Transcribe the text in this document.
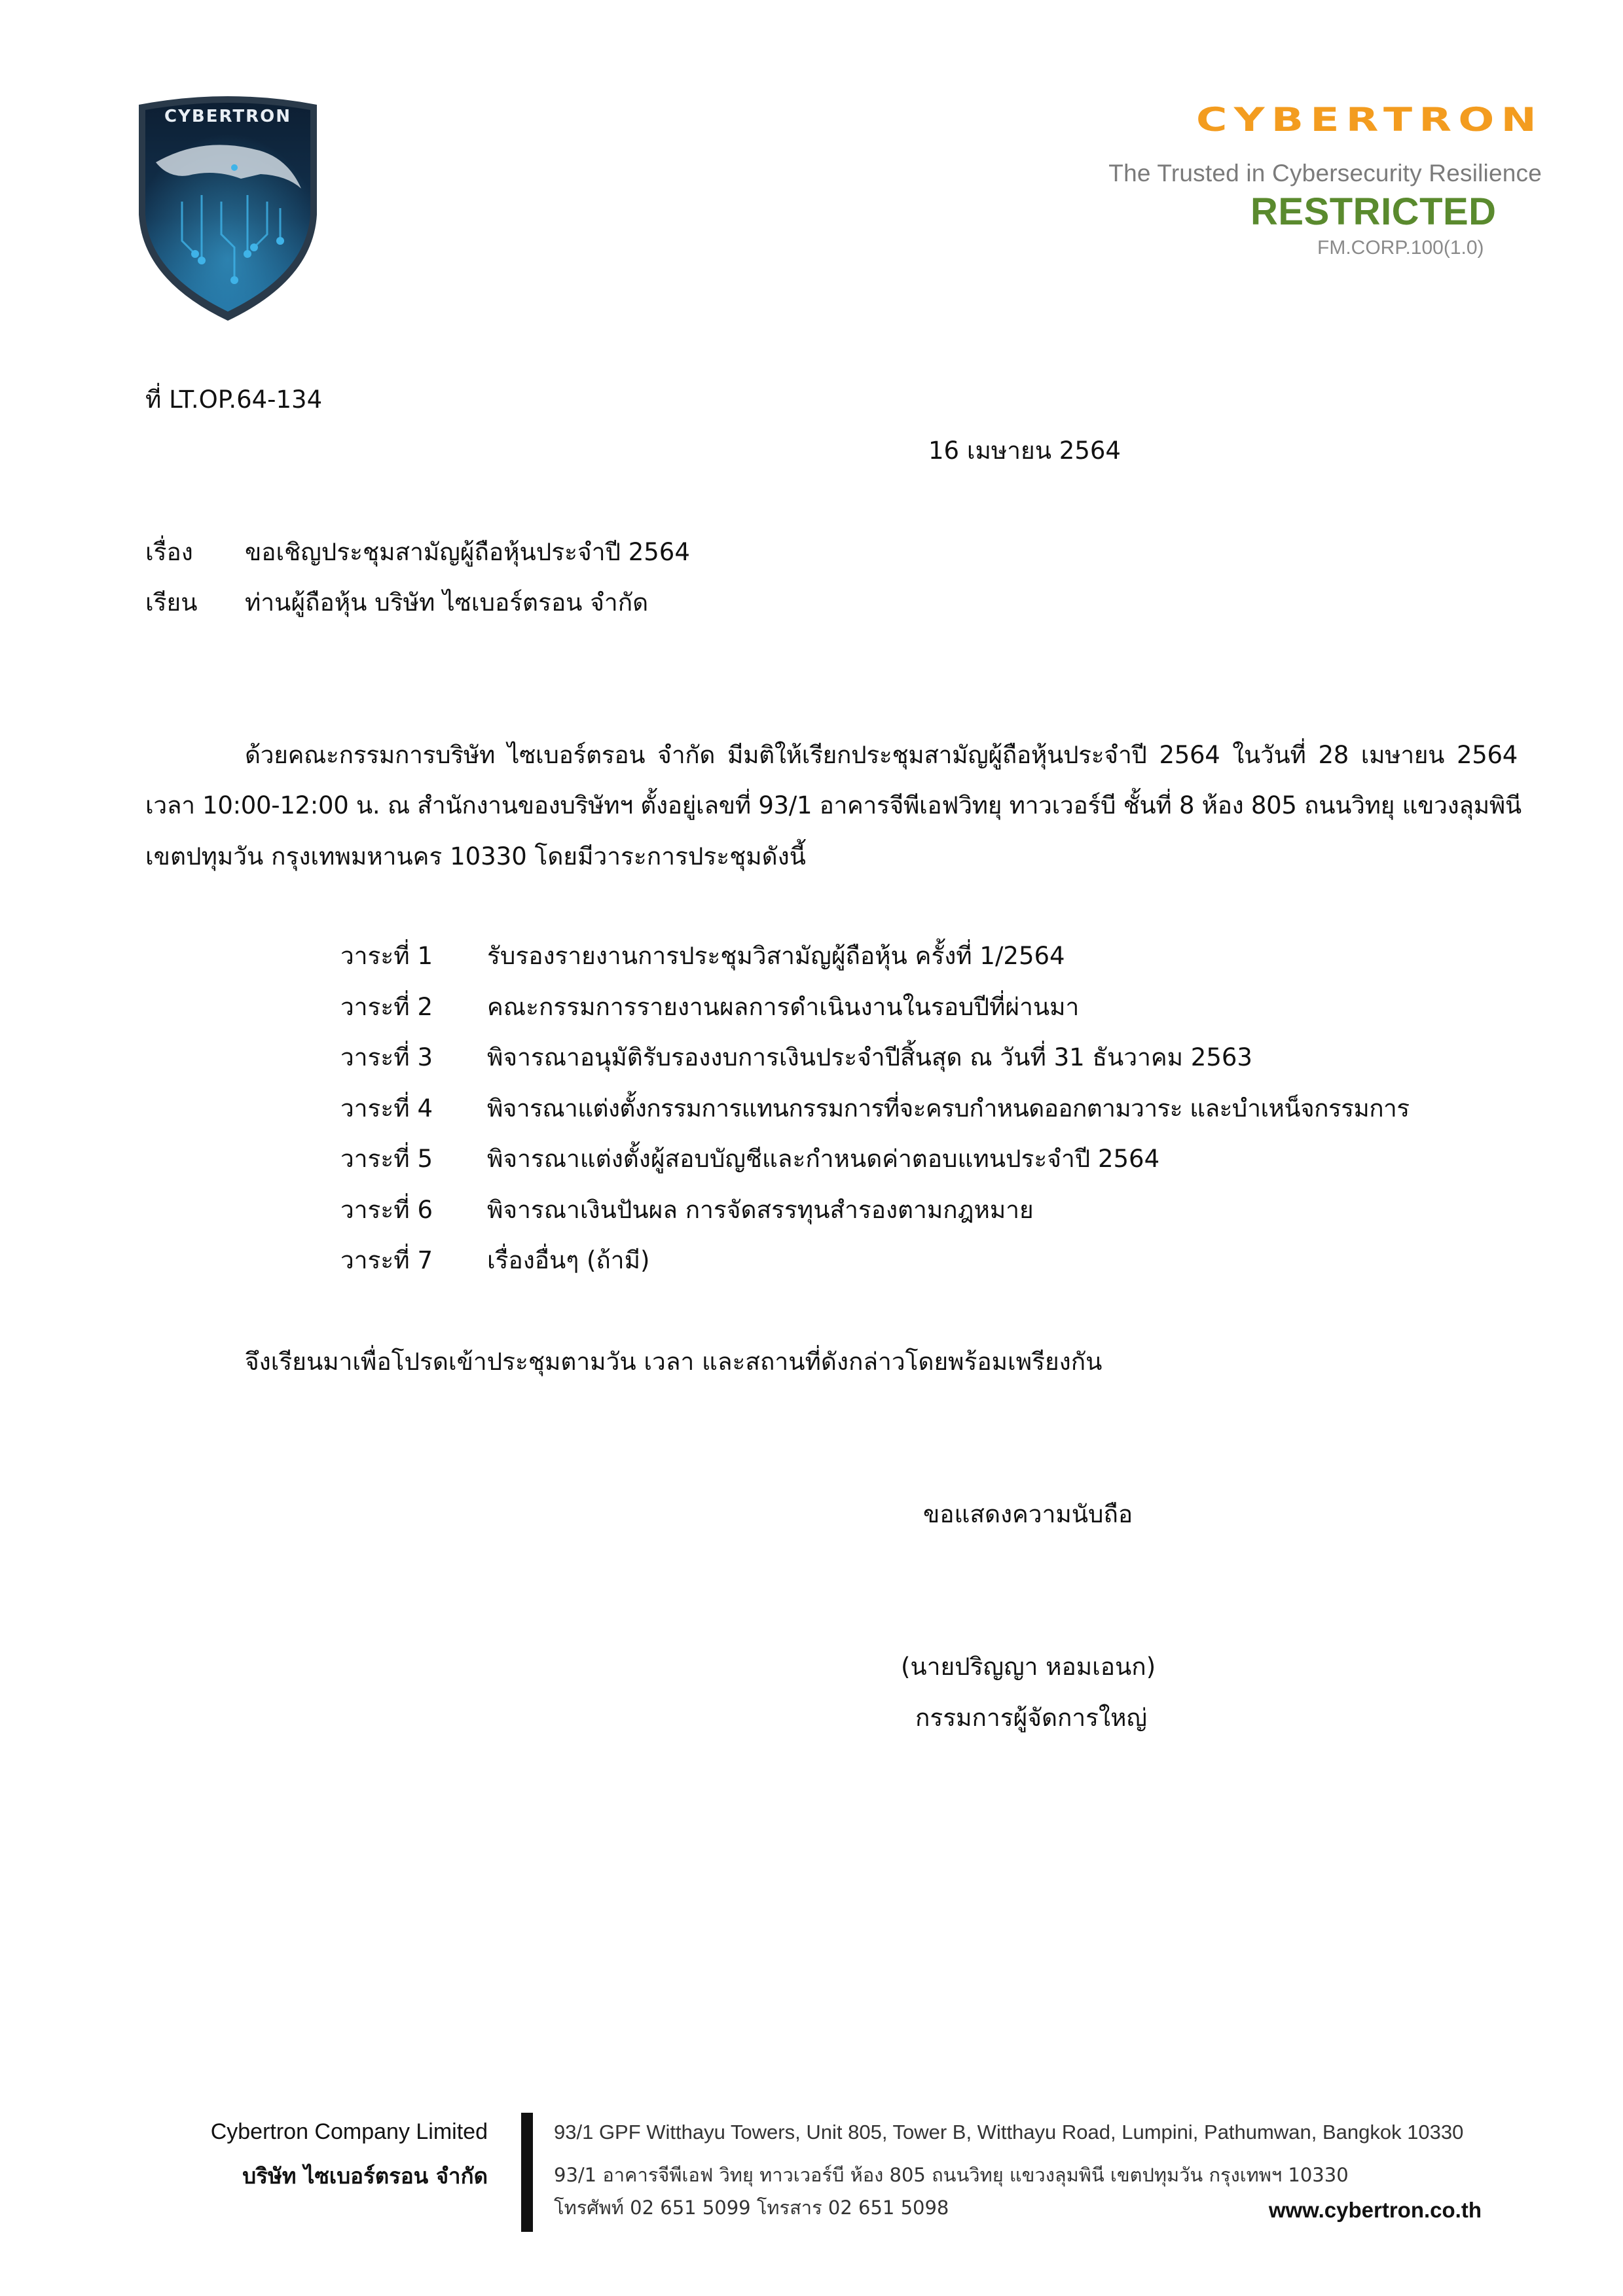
CYBERTRON	CYBERTRON
The Trusted in Cybersecurity Resilience
RESTRICTED
FM.CORP.100(1.0)
ที่ LT.OP.64-134
16 เมษายน 2564
เรื่อง ขอเชิญประชุมสามัญผู้ถือหุ้นประจำปี 2564
เรียน ท่านผู้ถือหุ้น บริษัท ไซเบอร์ตรอน จำกัด
ด้วยคณะกรรมการบริษัท ไซเบอร์ตรอน จำกัด มีมติให้เรียกประชุมสามัญผู้ถือหุ้นประจำปี 2564 ในวันที่ 28 เมษายน 2564
เวลา 10:00-12:00 น. ณ สำนักงานของบริษัทฯ ตั้งอยู่เลขที่ 93/1 อาคารจีพีเอฟวิทยุ ทาวเวอร์บี ชั้นที่ 8 ห้อง 805 ถนนวิทยุ แขวงลุมพินี
เขตปทุมวัน กรุงเทพมหานคร 10330 โดยมีวาระการประชุมดังนี้
วาระที่ 1 รับรองรายงานการประชุมวิสามัญผู้ถือหุ้น ครั้งที่ 1/2564
วาระที่ 2 คณะกรรมการรายงานผลการดำเนินงานในรอบปีที่ผ่านมา
วาระที่ 3 พิจารณาอนุมัติรับรองงบการเงินประจำปีสิ้นสุด ณ วันที่ 31 ธันวาคม 2563
วาระที่ 4 พิจารณาแต่งตั้งกรรมการแทนกรรมการที่จะครบกำหนดออกตามวาระ และบำเหน็จกรรมการ
วาระที่ 5 พิจารณาแต่งตั้งผู้สอบบัญชีและกำหนดค่าตอบแทนประจำปี 2564
วาระที่ 6 พิจารณาเงินปันผล การจัดสรรทุนสำรองตามกฎหมาย
วาระที่ 7 เรื่องอื่นๆ (ถ้ามี)
จึงเรียนมาเพื่อโปรดเข้าประชุมตามวัน เวลา และสถานที่ดังกล่าวโดยพร้อมเพรียงกัน
ขอแสดงความนับถือ
(นายปริญญา หอมเอนก)
กรรมการผู้จัดการใหญ่
Cybertron Company Limited
บริษัท ไซเบอร์ตรอน จำกัด
93/1 GPF Witthayu Towers, Unit 805, Tower B, Witthayu Road, Lumpini, Pathumwan, Bangkok 10330
93/1 อาคารจีพีเอฟ วิทยุ ทาวเวอร์บี ห้อง 805 ถนนวิทยุ แขวงลุมพินี เขตปทุมวัน กรุงเทพฯ 10330
โทรศัพท์ 02 651 5099 โทรสาร 02 651 5098	www.cybertron.co.th
